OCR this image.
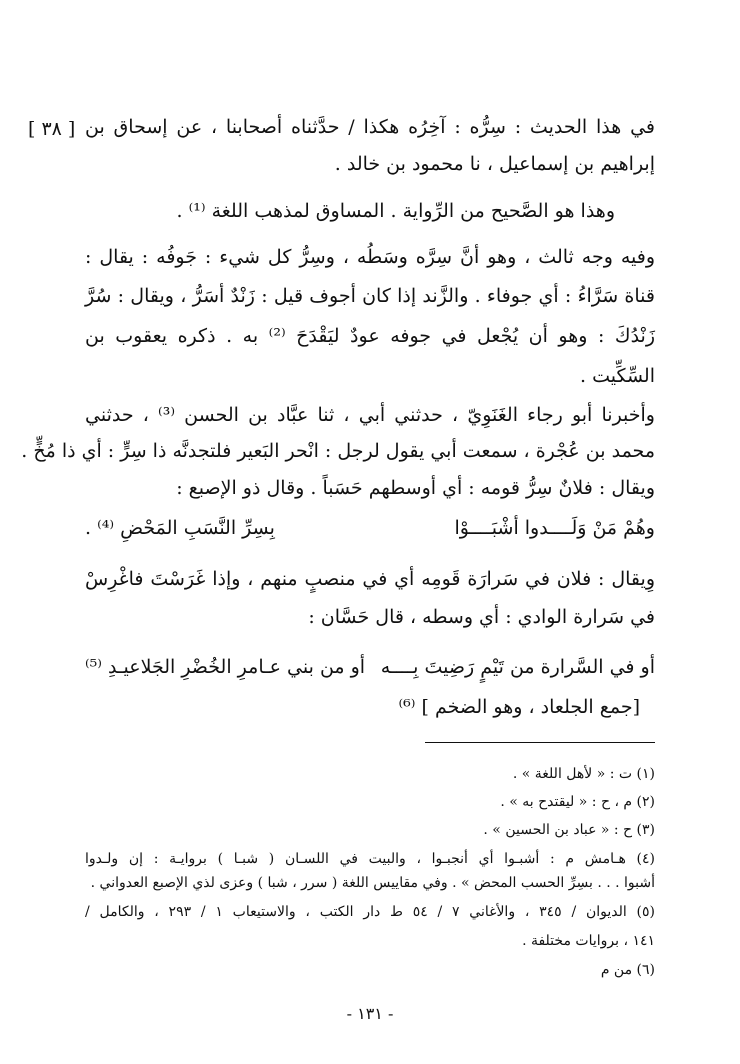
[ ٣٨ ] في هذا الحديث : سِرُّه : آخِرُه هكذا / حدَّثناه أصحابنا ، عن إسحاق بن
إبراهيم بن إسماعيل ، نا محمود بن خالد .
وهذا هو الصَّحيح من الرِّواية . المساوق لمذهب اللغة ⁽¹⁾ .
وفيه وجه ثالث ، وهو أنَّ سِرَّه وسَطُه ، وسِرُّ كل شيء : جَوفُه : يقال :
قناة سَرَّاءُ : أي جوفاء . والزَّند إذا كان أجوف قيل : زَنْدٌ أسَرُّ ، ويقال : سُرَّ
زَنْدُكَ : وهو أن يُجْعل في جوفه عودٌ ليَقْدَحَ ⁽²⁾ به . ذكره يعقوب بن
السِّكِّيت .
وأخبرنا أبو رجاء الغَنَوِيّ ، حدثني أبي ، ثنا عبَّاد بن الحسن ⁽³⁾ ، حدثني
محمد بن عُجْرة ، سمعت أبي يقول لرجل : انْحر البَعير فلتجدنَّه ذا سِرٍّ : أي ذا مُخٍّ .
ويقال : فلانٌ سِرُّ قومه : أي أوسطهم حَسَباً . وقال ذو الإصبع :
وهُمْ مَنْ وَلَــــدوا أشْبَــــوْا
بِسِرِّ النَّسَبِ المَحْضِ ⁽⁴⁾ .
وِيقال : فلان في سَرارَة قَومِه أي في منصبٍ منهم ، وإذا غَرَسْتَ فاغْرِسْ
في سَرارة الوادي : أي وسطه ، قال حَسَّان :
أو في السَّرارة من تَيْمٍ رَضِيتَ بِــــه
أو من بني عـامرِ الخُضْرِ الجَلاعيـدِ ⁽⁵⁾
[جمع الجلعاد ، وهو الضخم ] ⁽⁶⁾
(١) ت : « لأهل اللغة » .
(٢) م ، ح : « ليقتدح به » .
(٣) ح : « عباد بن الحسين » .
(٤) هـامش م : أشبـوا أي أنجبـوا ، والبيت في اللسـان ( شبـا ) بروايـة : إن ولـدوا
أشبوا . . . بسِرِّ الحسب المحض » . وفي مقاييس اللغة ( سرر ، شبا ) وعزى لذي الإصبع العدواني .
(٥) الديوان / ٣٤٥ ، والأغاني ٧ / ٥٤ ط دار الكتب ، والاستيعاب ١ / ٢٩٣ ، والكامل /
١٤١ ، بروايات مختلفة .
(٦) من م
- ١٣١ -
